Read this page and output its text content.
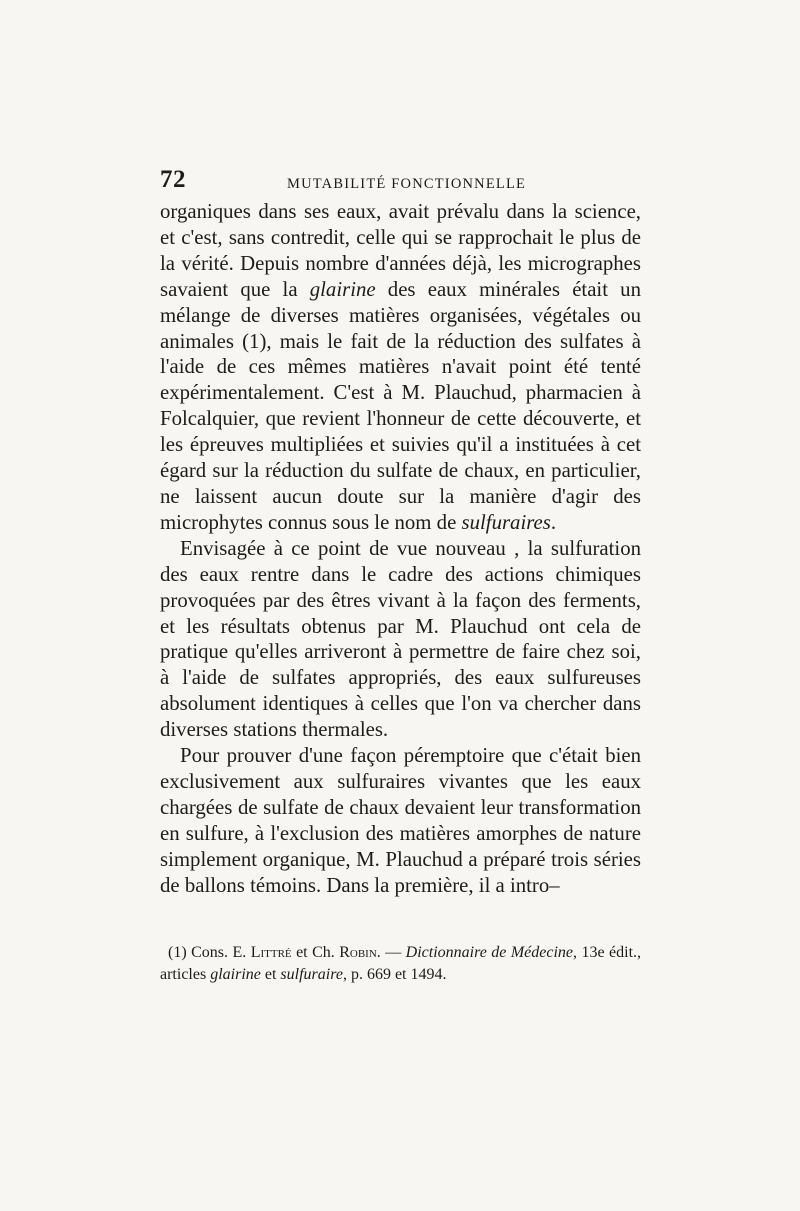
72	MUTABILITÉ FONCTIONNELLE

organiques dans ses eaux, avait prévalu dans la science, et c'est, sans contredit, celle qui se rapprochait le plus de la vérité. Depuis nombre d'années déjà, les micrographes savaient que la glairine des eaux minérales était un mélange de diverses matières organisées, végétales ou animales (1), mais le fait de la réduction des sulfates à l'aide de ces mêmes matières n'avait point été tenté expérimentalement. C'est à M. Plauchud, pharmacien à Folcalquier, que revient l'honneur de cette découverte, et les épreuves multipliées et suivies qu'il a instituées à cet égard sur la réduction du sulfate de chaux, en particulier, ne laissent aucun doute sur la manière d'agir des microphytes connus sous le nom de sulfuraires.

Envisagée à ce point de vue nouveau , la sulfuration des eaux rentre dans le cadre des actions chimiques provoquées par des êtres vivant à la façon des ferments, et les résultats obtenus par M. Plauchud ont cela de pratique qu'elles arriveront à permettre de faire chez soi, à l'aide de sulfates appropriés, des eaux sulfureuses absolument identiques à celles que l'on va chercher dans diverses stations thermales.

Pour prouver d'une façon péremptoire que c'était bien exclusivement aux sulfuraires vivantes que les eaux chargées de sulfate de chaux devaient leur transformation en sulfure, à l'exclusion des matières amorphes de nature simplement organique, M. Plauchud a préparé trois séries de ballons témoins. Dans la première, il a intro–

(1) Cons. E. Littré et Ch. Robin. — Dictionnaire de Médecine, 13e édit., articles glairine et sulfuraire, p. 669 et 1494.
